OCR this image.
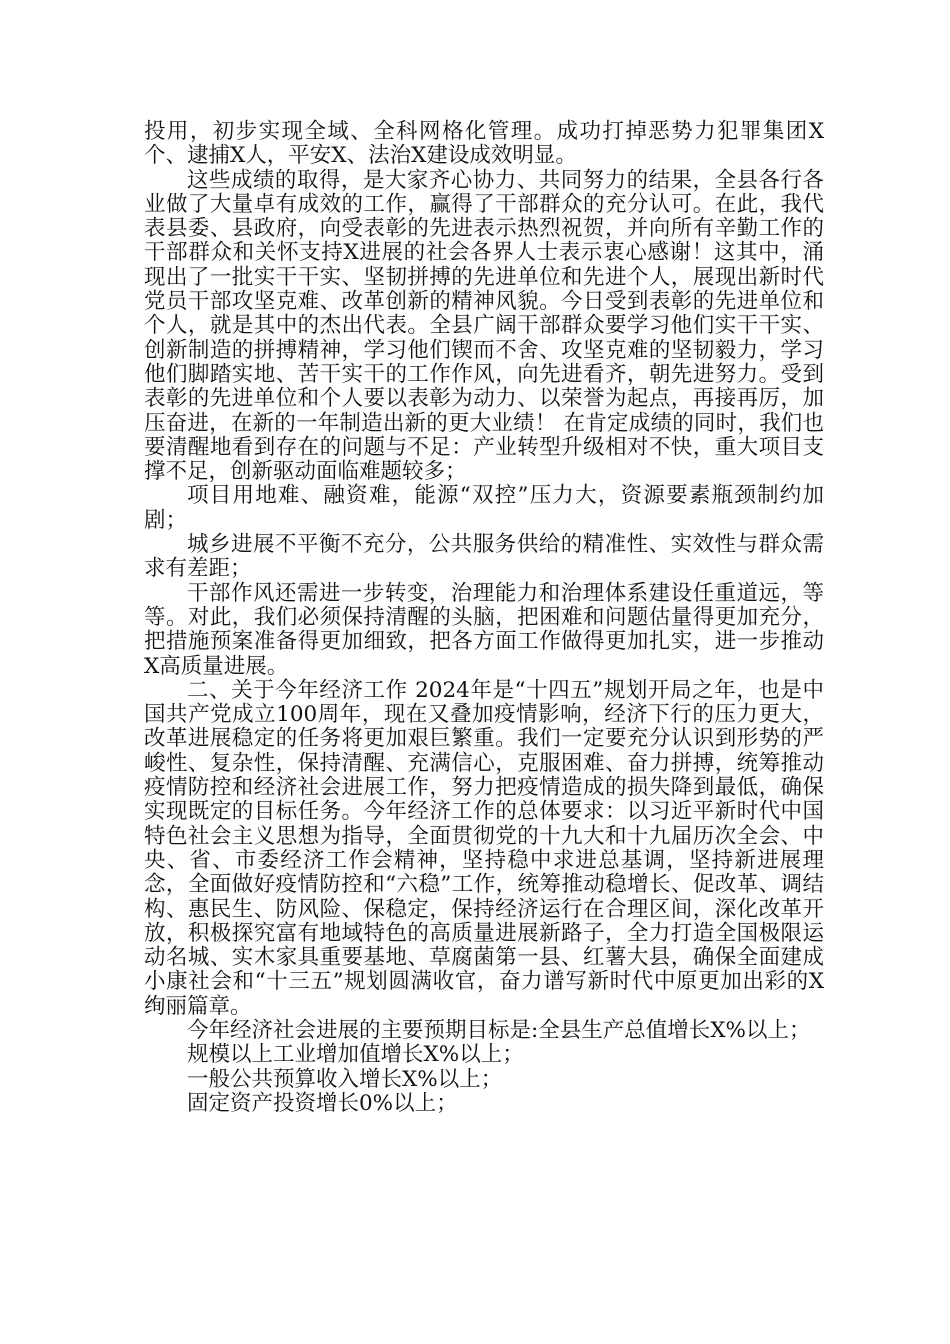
投用，初步实现全域、全科网格化管理。成功打掉恶势力犯罪集团X个、逮捕X人，平安X、法治X建设成效明显。

这些成绩的取得，是大家齐心协力、共同努力的结果，全县各行各业做了大量卓有成效的工作，赢得了干部群众的充分认可。在此，我代表县委、县政府，向受表彰的先进表示热烈祝贺，并向所有辛勤工作的干部群众和关怀支持X进展的社会各界人士表示衷心感谢！这其中，涌现出了一批实干干实、坚韧拼搏的先进单位和先进个人，展现出新时代党员干部攻坚克难、改革创新的精神风貌。今日受到表彰的先进单位和个人，就是其中的杰出代表。全县广阔干部群众要学习他们实干干实、创新制造的拼搏精神，学习他们锲而不舍、攻坚克难的坚韧毅力，学习他们脚踏实地、苦干实干的工作作风，向先进看齐，朝先进努力。受到表彰的先进单位和个人要以表彰为动力、以荣誉为起点，再接再厉，加压奋进，在新的一年制造出新的更大业绩！ 在肯定成绩的同时，我们也要清醒地看到存在的问题与不足：产业转型升级相对不快，重大项目支撑不足，创新驱动面临难题较多；

项目用地难、融资难，能源“双控”压力大，资源要素瓶颈制约加剧；

城乡进展不平衡不充分，公共服务供给的精准性、实效性与群众需求有差距；

干部作风还需进一步转变，治理能力和治理体系建设任重道远，等等。对此，我们必须保持清醒的头脑，把困难和问题估量得更加充分，把措施预案准备得更加细致，把各方面工作做得更加扎实，进一步推动X高质量进展。

二、关于今年经济工作 2024年是“十四五”规划开局之年，也是中国共产党成立100周年，现在又叠加疫情影响，经济下行的压力更大，改革进展稳定的任务将更加艰巨繁重。我们一定要充分认识到形势的严峻性、复杂性，保持清醒、充满信心，克服困难、奋力拼搏，统筹推动疫情防控和经济社会进展工作，努力把疫情造成的损失降到最低，确保实现既定的目标任务。今年经济工作的总体要求：以习近平新时代中国特色社会主义思想为指导，全面贯彻党的十九大和十九届历次全会、中央、省、市委经济工作会精神，坚持稳中求进总基调，坚持新进展理念，全面做好疫情防控和“六稳”工作，统筹推动稳增长、促改革、调结构、惠民生、防风险、保稳定，保持经济运行在合理区间，深化改革开放，积极探究富有地域特色的高质量进展新路子，全力打造全国极限运动名城、实木家具重要基地、草腐菌第一县、红薯大县，确保全面建成小康社会和“十三五”规划圆满收官，奋力谱写新时代中原更加出彩的X绚丽篇章。

今年经济社会进展的主要预期目标是:全县生产总值增长X%以上；

规模以上工业增加值增长X%以上；

一般公共预算收入增长X%以上；

固定资产投资增长0%以上；
